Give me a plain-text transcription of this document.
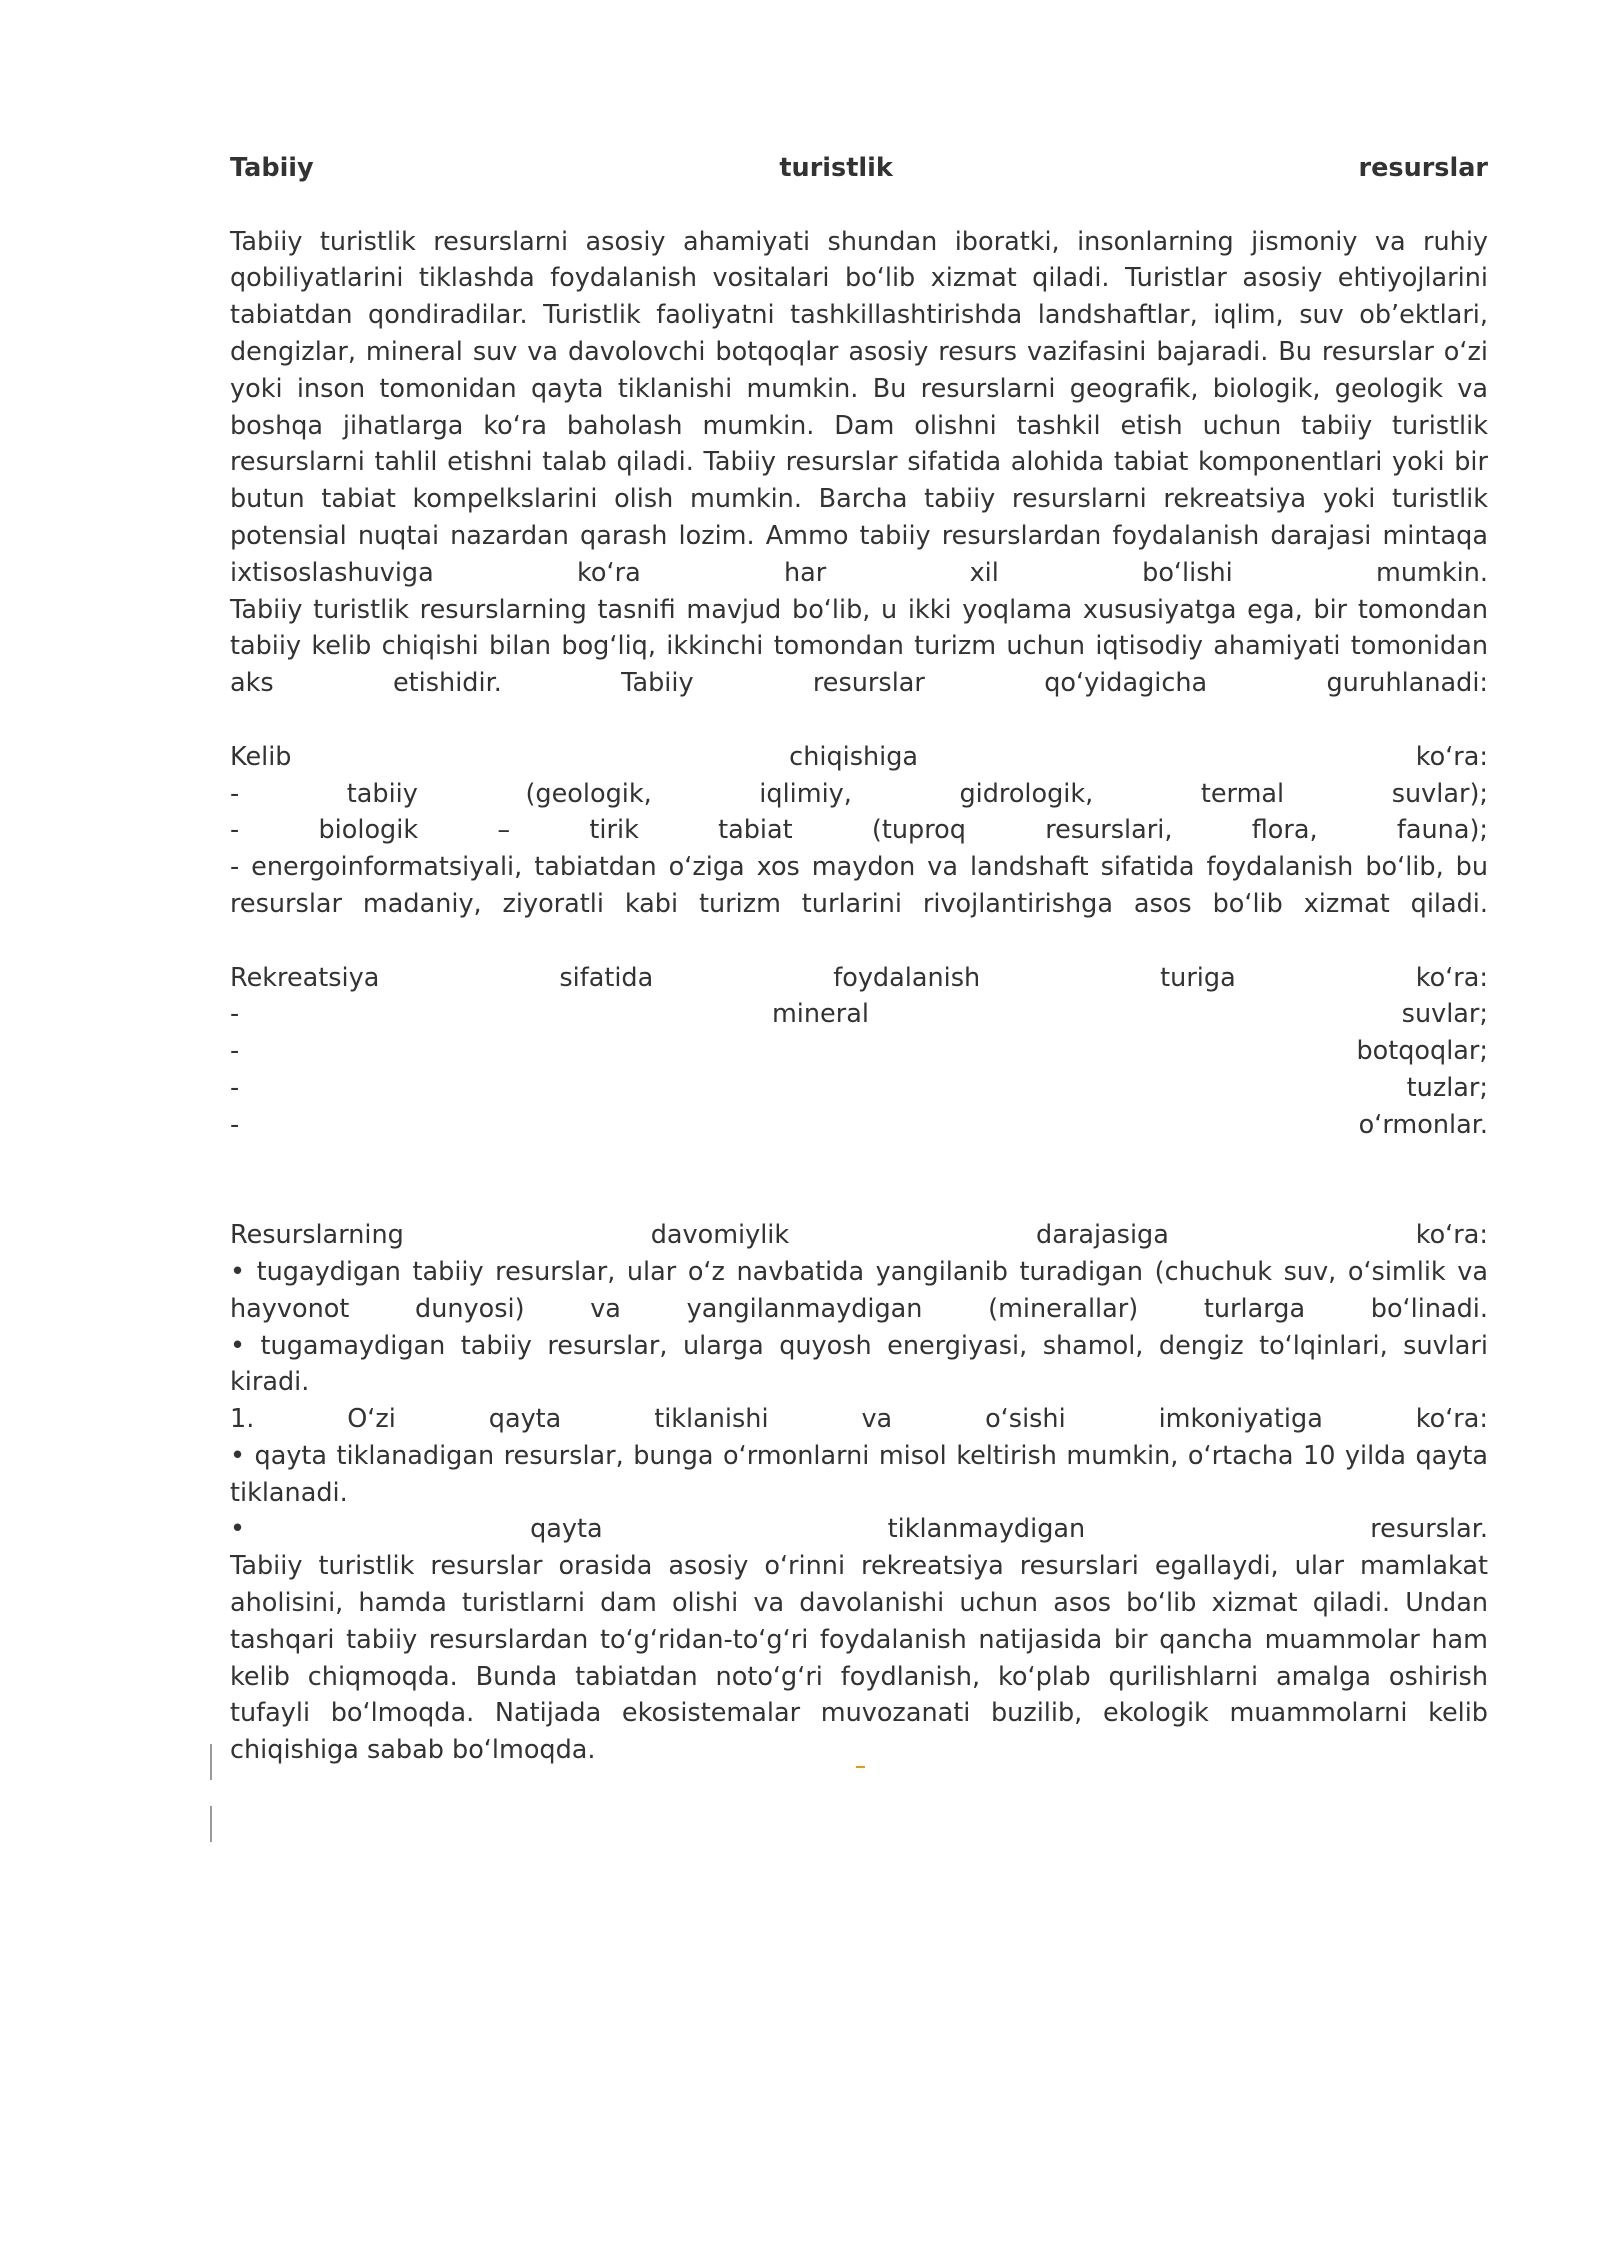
Tabiiy	turistlik	resurslar

Tabiiy turistlik resurslarni asosiy ahamiyati shundan iboratki, insonlarning jismoniy va ruhiy qobiliyatlarini tiklashda foydalanish vositalari bo‘lib xizmat qiladi. Turistlar asosiy ehtiyojlarini tabiatdan qondiradilar. Turistlik faoliyatni tashkillashtirishda landshaftlar, iqlim, suv ob’ektlari, dengizlar, mineral suv va davolovchi botqoqlar asosiy resurs vazifasini bajaradi. Bu resurslar o‘zi yoki inson tomonidan qayta tiklanishi mumkin. Bu resurslarni geografik, biologik, geologik va boshqa jihatlarga ko‘ra baholash mumkin. Dam olishni tashkil etish uchun tabiiy turistlik resurslarni tahlil etishni talab qiladi. Tabiiy resurslar sifatida alohida tabiat komponentlari yoki bir butun tabiat kompelkslarini olish mumkin. Barcha tabiiy resurslarni rekreatsiya yoki turistlik potensial nuqtai nazardan qarash lozim. Ammo tabiiy resurslardan foydalanish darajasi mintaqa ixtisoslashuviga ko‘ra har xil bo‘lishi mumkin.

Tabiiy turistlik resurslarning tasnifi mavjud bo‘lib, u ikki yoqlama xususiyatga ega, bir tomondan tabiiy kelib chiqishi bilan bog‘liq, ikkinchi tomondan turizm uchun iqtisodiy ahamiyati tomonidan aks etishidir. Tabiiy resurslar qo‘yidagicha guruhlanadi:

Kelib chiqishiga ko‘ra:

- tabiiy (geologik, iqlimiy, gidrologik, termal suvlar);

- biologik – tirik tabiat (tuproq resurslari, flora, fauna);

- energoinformatsiyali, tabiatdan o‘ziga xos maydon va landshaft sifatida foydalanish bo‘lib, bu resurslar madaniy, ziyoratli kabi turizm turlarini rivojlantirishga asos bo‘lib xizmat qiladi.

Rekreatsiya sifatida foydalanish turiga ko‘ra:

- mineral suvlar;

- botqoqlar;

- tuzlar;

- o‘rmonlar.

Resurslarning davomiylik darajasiga ko‘ra:

• tugaydigan tabiiy resurslar, ular o‘z navbatida yangilanib turadigan (chuchuk suv, o‘simlik va hayvonot dunyosi) va yangilanmaydigan (minerallar) turlarga bo‘linadi.

• tugamaydigan tabiiy resurslar, ularga quyosh energiyasi, shamol, dengiz to‘lqinlari, suvlari kiradi.

1. O‘zi qayta tiklanishi va o‘sishi imkoniyatiga ko‘ra:

• qayta tiklanadigan resurslar, bunga o‘rmonlarni misol keltirish mumkin, o‘rtacha 10 yilda qayta tiklanadi.

• qayta tiklanmaydigan resurslar.

Tabiiy turistlik resurslar orasida asosiy o‘rinni rekreatsiya resurslari egallaydi, ular mamlakat aholisini, hamda turistlarni dam olishi va davolanishi uchun asos bo‘lib xizmat qiladi. Undan tashqari tabiiy resurslardan to‘g‘ridan-to‘g‘ri foydalanish natijasida bir qancha muammolar ham kelib chiqmoqda. Bunda tabiatdan noto‘g‘ri foydlanish, ko‘plab qurilishlarni amalga oshirish tufayli bo‘lmoqda. Natijada ekosistemalar muvozanati buzilib, ekologik muammolarni kelib chiqishiga sabab bo‘lmoqda.
